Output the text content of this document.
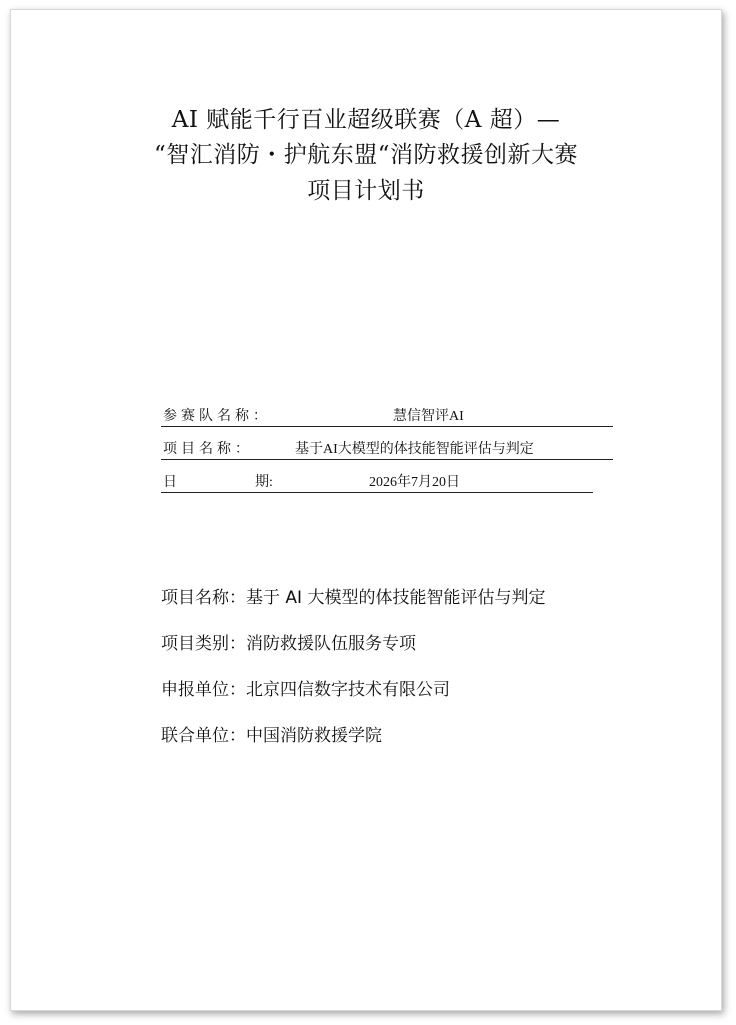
AI 赋能千行百业超级联赛（A 超）—
“智汇消防・护航东盟“消防救援创新大赛
项目计划书
参赛队名称：	慧信智评AI
项目名称：	基于AI大模型的体技能智能评估与判定
日	期:	2026年7月20日
项目名称：基于 AI 大模型的体技能智能评估与判定
项目类别：消防救援队伍服务专项
申报单位：北京四信数字技术有限公司
联合单位：中国消防救援学院
